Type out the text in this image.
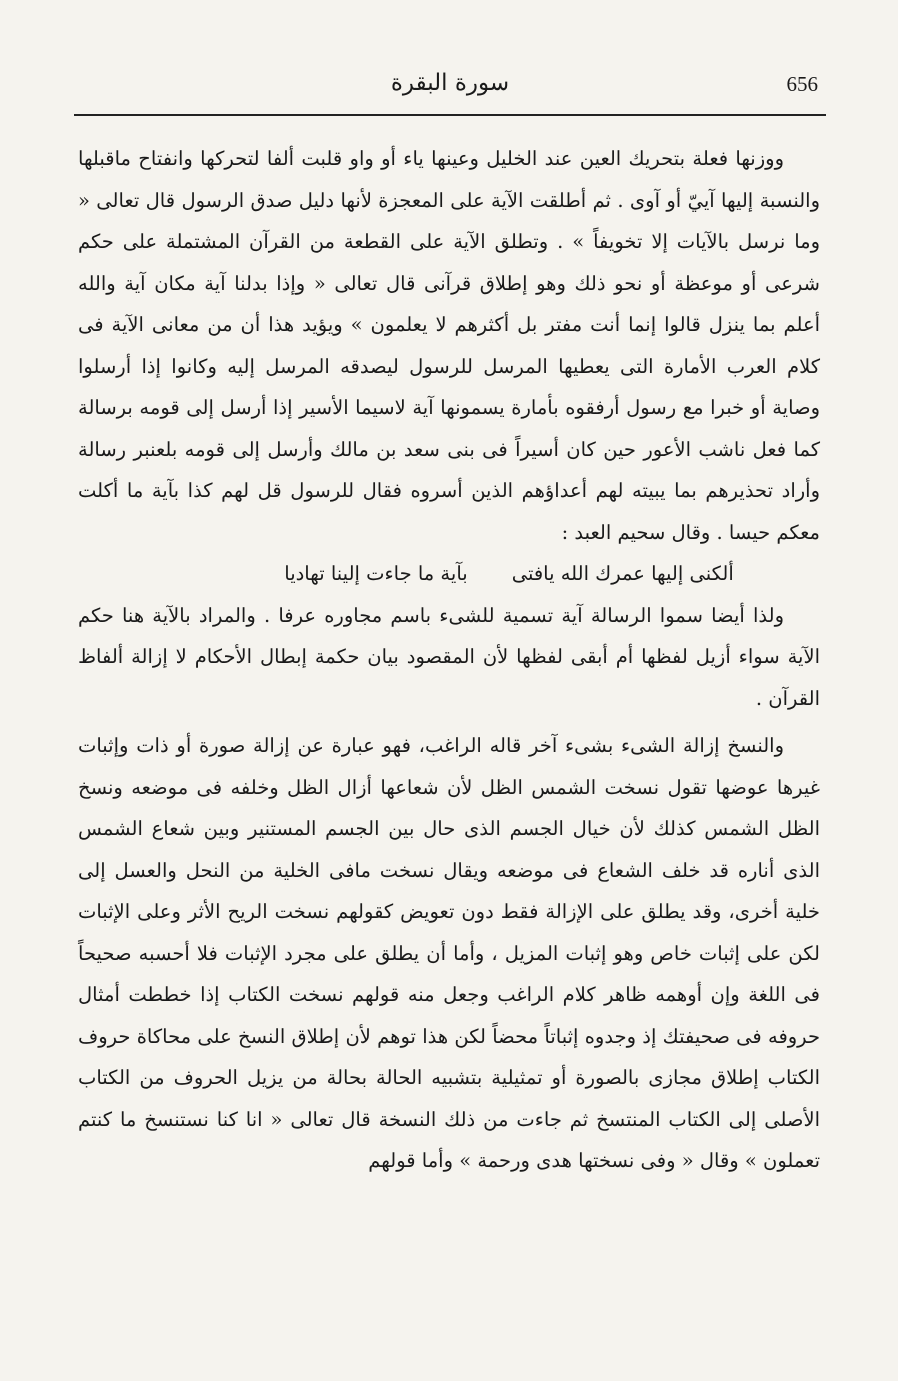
656
سورة البقرة

ووزنها فعلة بتحريك العين عند الخليل وعينها ياء أو واو قلبت ألفا لتحركها وانفتاح ماقبلها والنسبة إليها آييّ أو آوى . ثم أطلقت الآية على المعجزة لأنها دليل صدق الرسول قال تعالى « وما نرسل بالآيات إلا تخويفاً » . وتطلق الآية على القطعة من القرآن المشتملة على حكم شرعى أو موعظة أو نحو ذلك وهو إطلاق قرآنى قال تعالى « وإذا بدلنا آية مكان آية والله أعلم بما ينزل قالوا إنما أنت مفتر بل أكثرهم لا يعلمون » ويؤيد هذا أن من معانى الآية فى كلام العرب الأمارة التى يعطيها المرسل للرسول ليصدقه المرسل إليه وكانوا إذا أرسلوا وصاية أو خبرا مع رسول أرفقوه بأمارة يسمونها آية لاسيما الأسير إذا أرسل إلى قومه برسالة كما فعل ناشب الأعور حين كان أسيراً فى بنى سعد بن مالك وأرسل إلى قومه بلعنبر رسالة وأراد تحذيرهم بما يبيته لهم أعداؤهم الذين أسروه فقال للرسول قل لهم كذا بآية ما أكلت معكم حيسا . وقال سحيم العبد :

ألكنى إليها عمرك الله يافتى
بآية ما جاءت إلينا تهاديا

ولذا أيضا سموا الرسالة آية تسمية للشىء باسم مجاوره عرفا . والمراد بالآية هنا حكم الآية سواء أزيل لفظها أم أبقى لفظها لأن المقصود بيان حكمة إبطال الأحكام لا إزالة ألفاظ القرآن .

والنسخ إزالة الشىء بشىء آخر قاله الراغب، فهو عبارة عن إزالة صورة أو ذات وإثبات غيرها عوضها تقول نسخت الشمس الظل لأن شعاعها أزال الظل وخلفه فى موضعه ونسخ الظل الشمس كذلك لأن خيال الجسم الذى حال بين الجسم المستنير وبين شعاع الشمس الذى أناره قد خلف الشعاع فى موضعه ويقال نسخت مافى الخلية من النحل والعسل إلى خلية أخرى، وقد يطلق على الإزالة فقط دون تعويض كقولهم نسخت الريح الأثر وعلى الإثبات لكن على إثبات خاص وهو إثبات المزيل ، وأما أن يطلق على مجرد الإثبات فلا أحسبه صحيحاً فى اللغة وإن أوهمه ظاهر كلام الراغب وجعل منه قولهم نسخت الكتاب إذا خططت أمثال حروفه فى صحيفتك إذ وجدوه إثباتاً محضاً لكن هذا توهم لأن إطلاق النسخ على محاكاة حروف الكتاب إطلاق مجازى بالصورة أو تمثيلية بتشبيه الحالة بحالة من يزيل الحروف من الكتاب الأصلى إلى الكتاب المنتسخ ثم جاءت من ذلك النسخة قال تعالى « انا كنا نستنسخ ما كنتم تعملون » وقال « وفى نسختها هدى ورحمة » وأما قولهم
